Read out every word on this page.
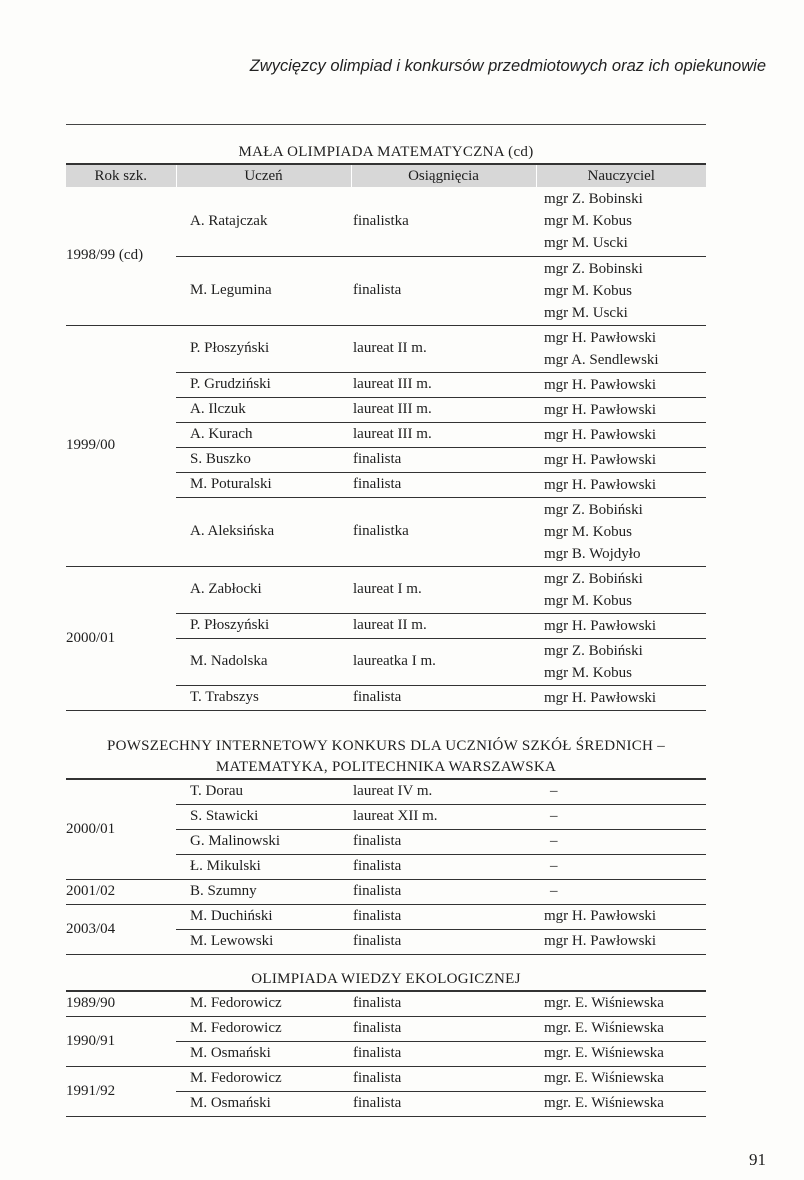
Zwycięzcy olimpiad i konkursów przedmiotowych oraz ich opiekunowie
MAŁA OLIMPIADA MATEMATYCZNA (cd)
Rok szk.	Uczeń	Osiągnięcia	Nauczyciel
1998/99 (cd)	A. Ratajczak	finalistka	mgr Z. Bobinski
mgr M. Kobus
mgr M. Uscki

	M. Legumina	finalista	mgr Z. Bobinski
mgr M. Kobus
mgr M. Uscki

1999/00	P. Płoszyński	laureat II m.	mgr H. Pawłowski
mgr A. Sendlewski

	P. Grudziński	laureat III m.	mgr H. Pawłowski

	A. Ilczuk	laureat III m.	mgr H. Pawłowski

	A. Kurach	laureat III m.	mgr H. Pawłowski

	S. Buszko	finalista	mgr H. Pawłowski

	M. Poturalski	finalista	mgr H. Pawłowski

	A. Aleksińska	finalistka	mgr Z. Bobiński
mgr M. Kobus
mgr B. Wojdyło

2000/01	A. Zabłocki	laureat I m.	mgr Z. Bobiński
mgr M. Kobus

	P. Płoszyński	laureat II m.	mgr H. Pawłowski

	M. Nadolska	laureatka I m.	mgr Z. Bobiński
mgr M. Kobus

	T. Trabszys	finalista	mgr H. Pawłowski
POWSZECHNY INTERNETOWY KONKURS DLA UCZNIÓW SZKÓŁ ŚREDNICH –
MATEMATYKA, POLITECHNIKA WARSZAWSKA
2000/01	T. Dorau	laureat IV m.	–
	S. Stawicki	laureat XII m.	–
	G. Malinowski	finalista	–
	Ł. Mikulski	finalista	–
2001/02	B. Szumny	finalista	–
2003/04	M. Duchiński	finalista	mgr H. Pawłowski
	M. Lewowski	finalista	mgr H. Pawłowski
OLIMPIADA WIEDZY EKOLOGICZNEJ
1989/90	M. Fedorowicz	finalista	mgr. E. Wiśniewska
1990/91	M. Fedorowicz	finalista	mgr. E. Wiśniewska
	M. Osmański	finalista	mgr. E. Wiśniewska
1991/92	M. Fedorowicz	finalista	mgr. E. Wiśniewska
	M. Osmański	finalista	mgr. E. Wiśniewska
91
